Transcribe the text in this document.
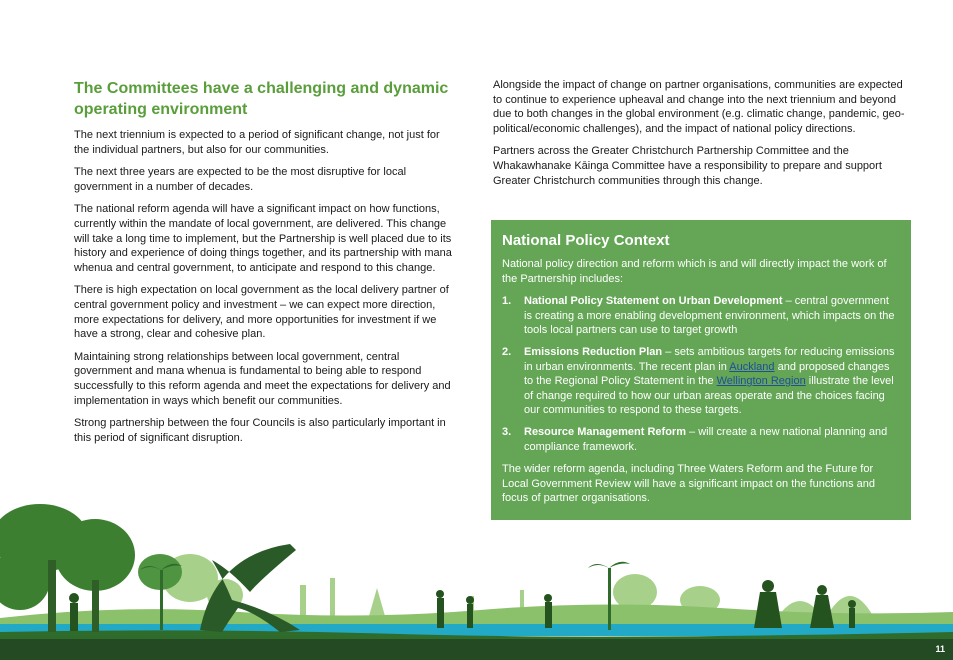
The Committees have a challenging and dynamic operating environment

The next triennium is expected to a period of significant change, not just for the individual partners, but also for our communities.

The next three years are expected to be the most disruptive for local government in a number of decades.

The national reform agenda will have a significant impact on how functions, currently within the mandate of local government, are delivered. This change will take a long time to implement, but the Partnership is well placed due to its history and experience of doing things together, and its partnership with mana whenua and central government, to anticipate and respond to this change.

There is high expectation on local government as the local delivery partner of central government policy and investment – we can expect more direction, more expectations for delivery, and more opportunities for investment if we have a strong, clear and cohesive plan.

Maintaining strong relationships between local government, central government and mana whenua is fundamental to being able to respond successfully to this reform agenda and meet the expectations for delivery and implementation in ways which benefit our communities.

Strong partnership between the four Councils is also particularly important in this period of significant disruption.

Alongside the impact of change on partner organisations, communities are expected to continue to experience upheaval and change into the next triennium and beyond due to both changes in the global environment (e.g. climatic change, pandemic, geo-political/economic challenges), and the impact of national policy directions.

Partners across the Greater Christchurch Partnership Committee and the Whakawhanake Kāinga Committee have a responsibility to prepare and support Greater Christchurch communities through this change.

National Policy Context

National policy direction and reform which is and will directly impact the work of the Partnership includes:

1.	National Policy Statement on Urban Development – central government is creating a more enabling development environment, which impacts on the tools local partners can use to target growth
2.	Emissions Reduction Plan – sets ambitious targets for reducing emissions in urban environments. The recent plan in Auckland and proposed changes to the Regional Policy Statement in the Wellington Region illustrate the level of change required to how our urban areas operate and the choices facing our communities to respond to these targets.
3.	Resource Management Reform – will create a new national planning and compliance framework.

The wider reform agenda, including Three Waters Reform and the Future for Local Government Review will have a significant impact on the functions and focus of partner organisations.

11
